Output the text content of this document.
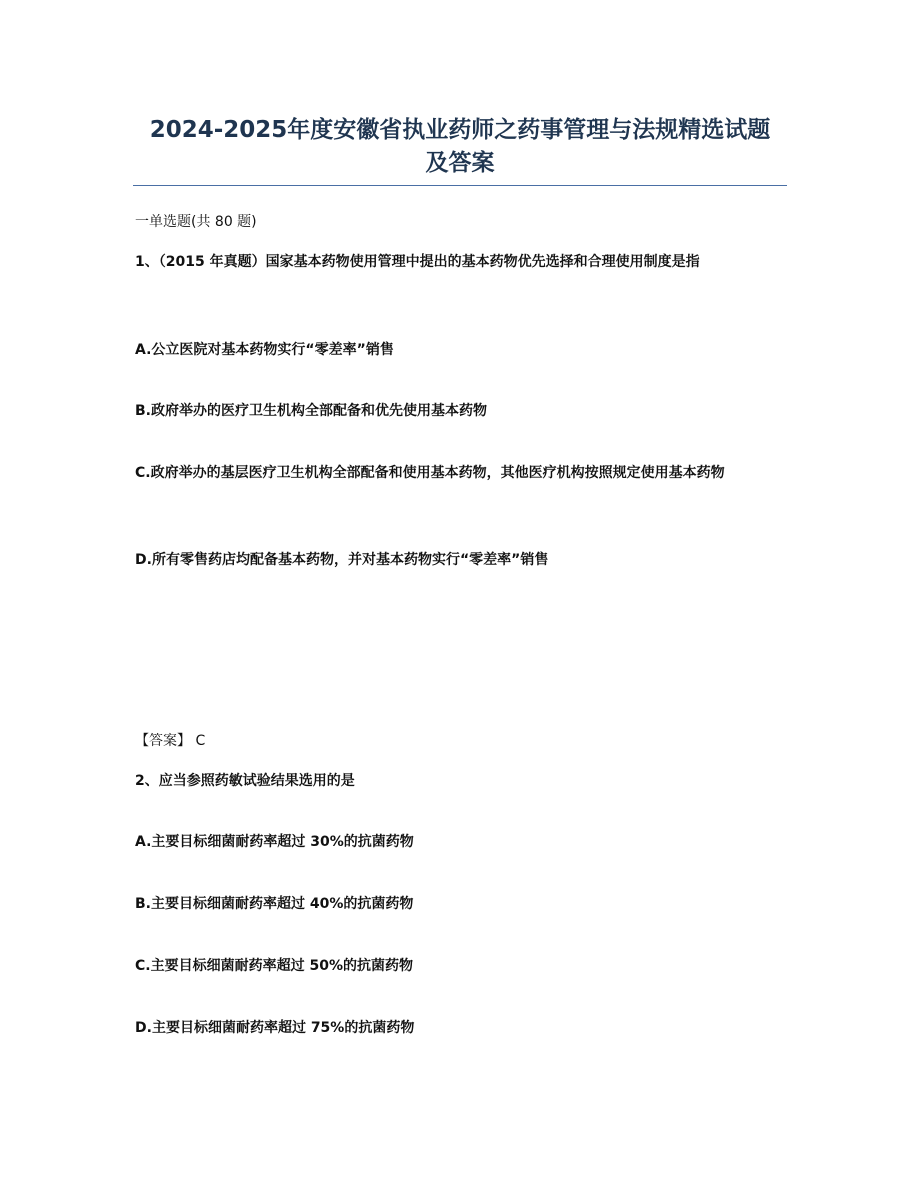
2024-2025年度安徽省执业药师之药事管理与法规精选试题
及答案
一单选题(共 80 题)
1、（2015 年真题）国家基本药物使用管理中提出的基本药物优先选择和合理使用制度是指
A.公立医院对基本药物实行“零差率”销售
B.政府举办的医疗卫生机构全部配备和优先使用基本药物
C.政府举办的基层医疗卫生机构全部配备和使用基本药物，其他医疗机构按照规定使用基本药物
D.所有零售药店均配备基本药物，并对基本药物实行“零差率”销售
【答案】 C
2、应当参照药敏试验结果选用的是
A.主要目标细菌耐药率超过 30%的抗菌药物
B.主要目标细菌耐药率超过 40%的抗菌药物
C.主要目标细菌耐药率超过 50%的抗菌药物
D.主要目标细菌耐药率超过 75%的抗菌药物
